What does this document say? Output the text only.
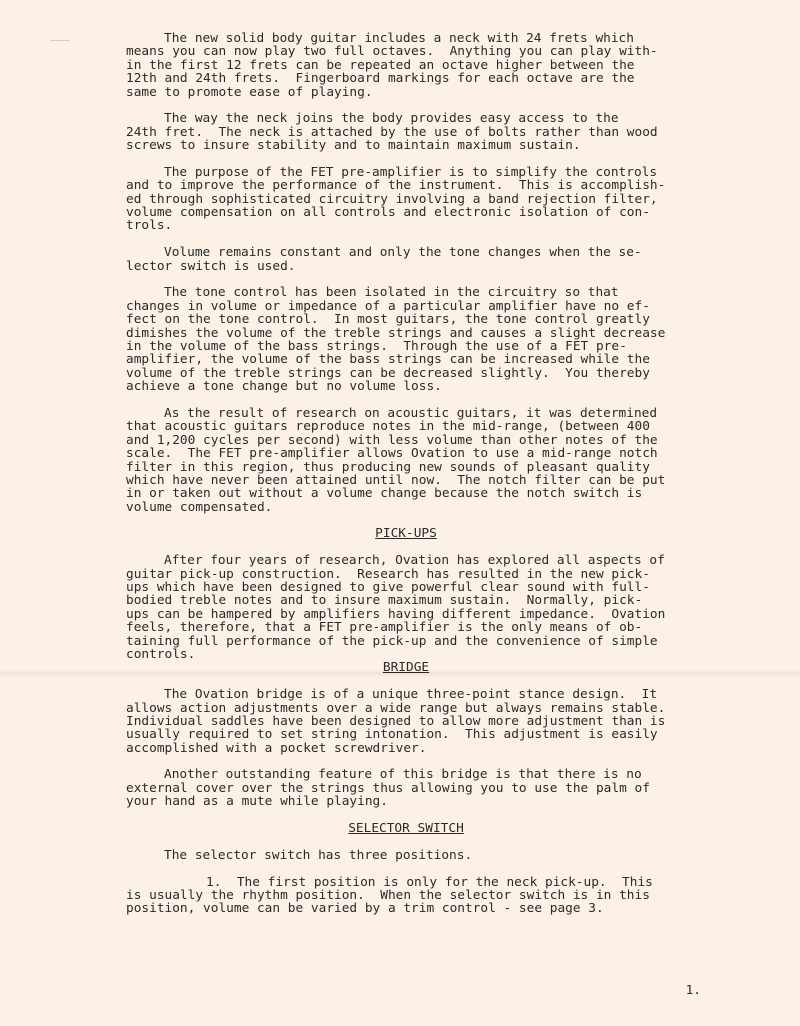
The new solid body guitar includes a neck with 24 frets which
means you can now play two full octaves.  Anything you can play with-
in the first 12 frets can be repeated an octave higher between the
12th and 24th frets.  Fingerboard markings for each octave are the
same to promote ease of playing.
The way the neck joins the body provides easy access to the
24th fret.  The neck is attached by the use of bolts rather than wood
screws to insure stability and to maintain maximum sustain.
The purpose of the FET pre-amplifier is to simplify the controls
and to improve the performance of the instrument.  This is accomplish-
ed through sophisticated circuitry involving a band rejection filter,
volume compensation on all controls and electronic isolation of con-
trols.
Volume remains constant and only the tone changes when the se-
lector switch is used.
The tone control has been isolated in the circuitry so that
changes in volume or impedance of a particular amplifier have no ef-
fect on the tone control.  In most guitars, the tone control greatly
dimishes the volume of the treble strings and causes a slight decrease
in the volume of the bass strings.  Through the use of a FET pre-
amplifier, the volume of the bass strings can be increased while the
volume of the treble strings can be decreased slightly.  You thereby
achieve a tone change but no volume loss.
As the result of research on acoustic guitars, it was determined
that acoustic guitars reproduce notes in the mid-range, (between 400
and 1,200 cycles per second) with less volume than other notes of the
scale.  The FET pre-amplifier allows Ovation to use a mid-range notch
filter in this region, thus producing new sounds of pleasant quality
which have never been attained until now.  The notch filter can be put
in or taken out without a volume change because the notch switch is
volume compensated.
PICK-UPS
After four years of research, Ovation has explored all aspects of
guitar pick-up construction.  Research has resulted in the new pick-
ups which have been designed to give powerful clear sound with full-
bodied treble notes and to insure maximum sustain.  Normally, pick-
ups can be hampered by amplifiers having different impedance.  Ovation
feels, therefore, that a FET pre-amplifier is the only means of ob-
taining full performance of the pick-up and the convenience of simple
controls.
BRIDGE
The Ovation bridge is of a unique three-point stance design.  It
allows action adjustments over a wide range but always remains stable.
Individual saddles have been designed to allow more adjustment than is
usually required to set string intonation.  This adjustment is easily
accomplished with a pocket screwdriver.
Another outstanding feature of this bridge is that there is no
external cover over the strings thus allowing you to use the palm of
your hand as a mute while playing.
SELECTOR SWITCH
The selector switch has three positions.
1.  The first position is only for the neck pick-up.  This
is usually the rhythm position.  When the selector switch is in this
position, volume can be varied by a trim control - see page 3.
1.
